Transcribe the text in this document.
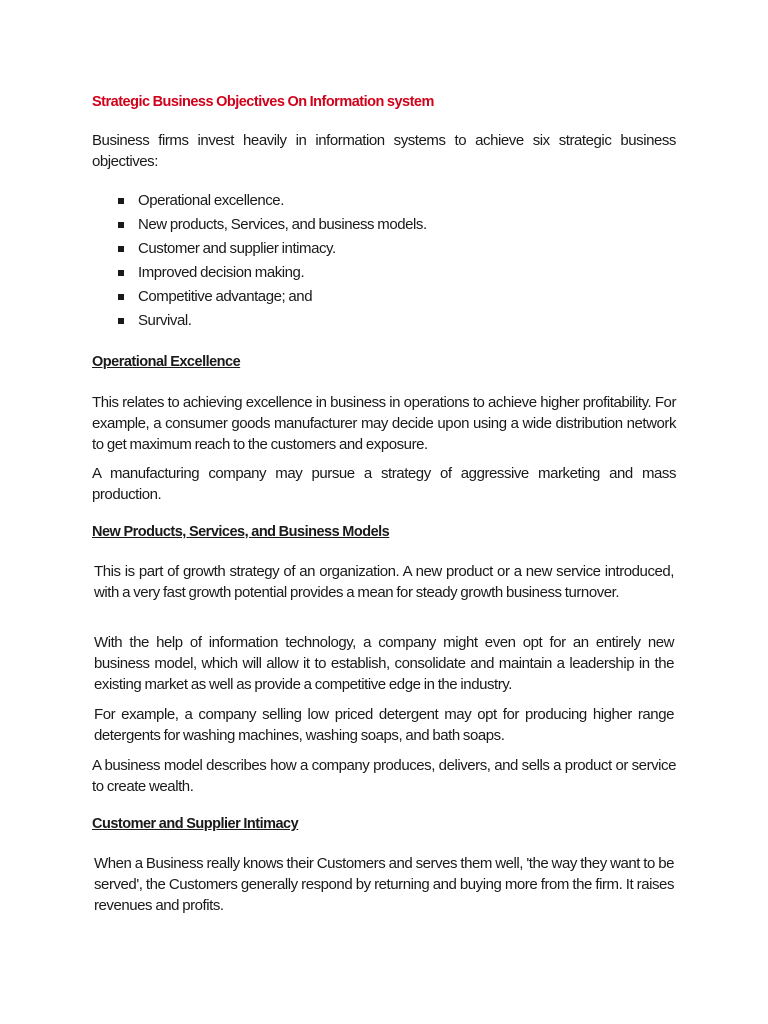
Strategic Business Objectives On Information system

Business firms invest heavily in information systems to achieve six strategic business objectives:

Operational excellence.
New products, Services, and business models.
Customer and supplier intimacy.
Improved decision making.
Competitive advantage; and
Survival.
Operational Excellence

This relates to achieving excellence in business in operations to achieve higher profitability. For example, a consumer goods manufacturer may decide upon using a wide distribution network to get maximum reach to the customers and exposure.

A manufacturing company may pursue a strategy of aggressive marketing and mass production.

New Products, Services, and Business Models

This is part of growth strategy of an organization. A new product or a new service introduced, with a very fast growth potential provides a mean for steady growth business turnover.

With the help of information technology, a company might even opt for an entirely new business model, which will allow it to establish, consolidate and maintain a leadership in the existing market as well as provide a competitive edge in the industry.

For example, a company selling low priced detergent may opt for producing higher range detergents for washing machines, washing soaps, and bath soaps.

A business model describes how a company produces, delivers, and sells a product or service to create wealth.

Customer and Supplier Intimacy

When a Business really knows their Customers and serves them well, 'the way they want to be served', the Customers generally respond by returning and buying more from the firm. It raises revenues and profits.
